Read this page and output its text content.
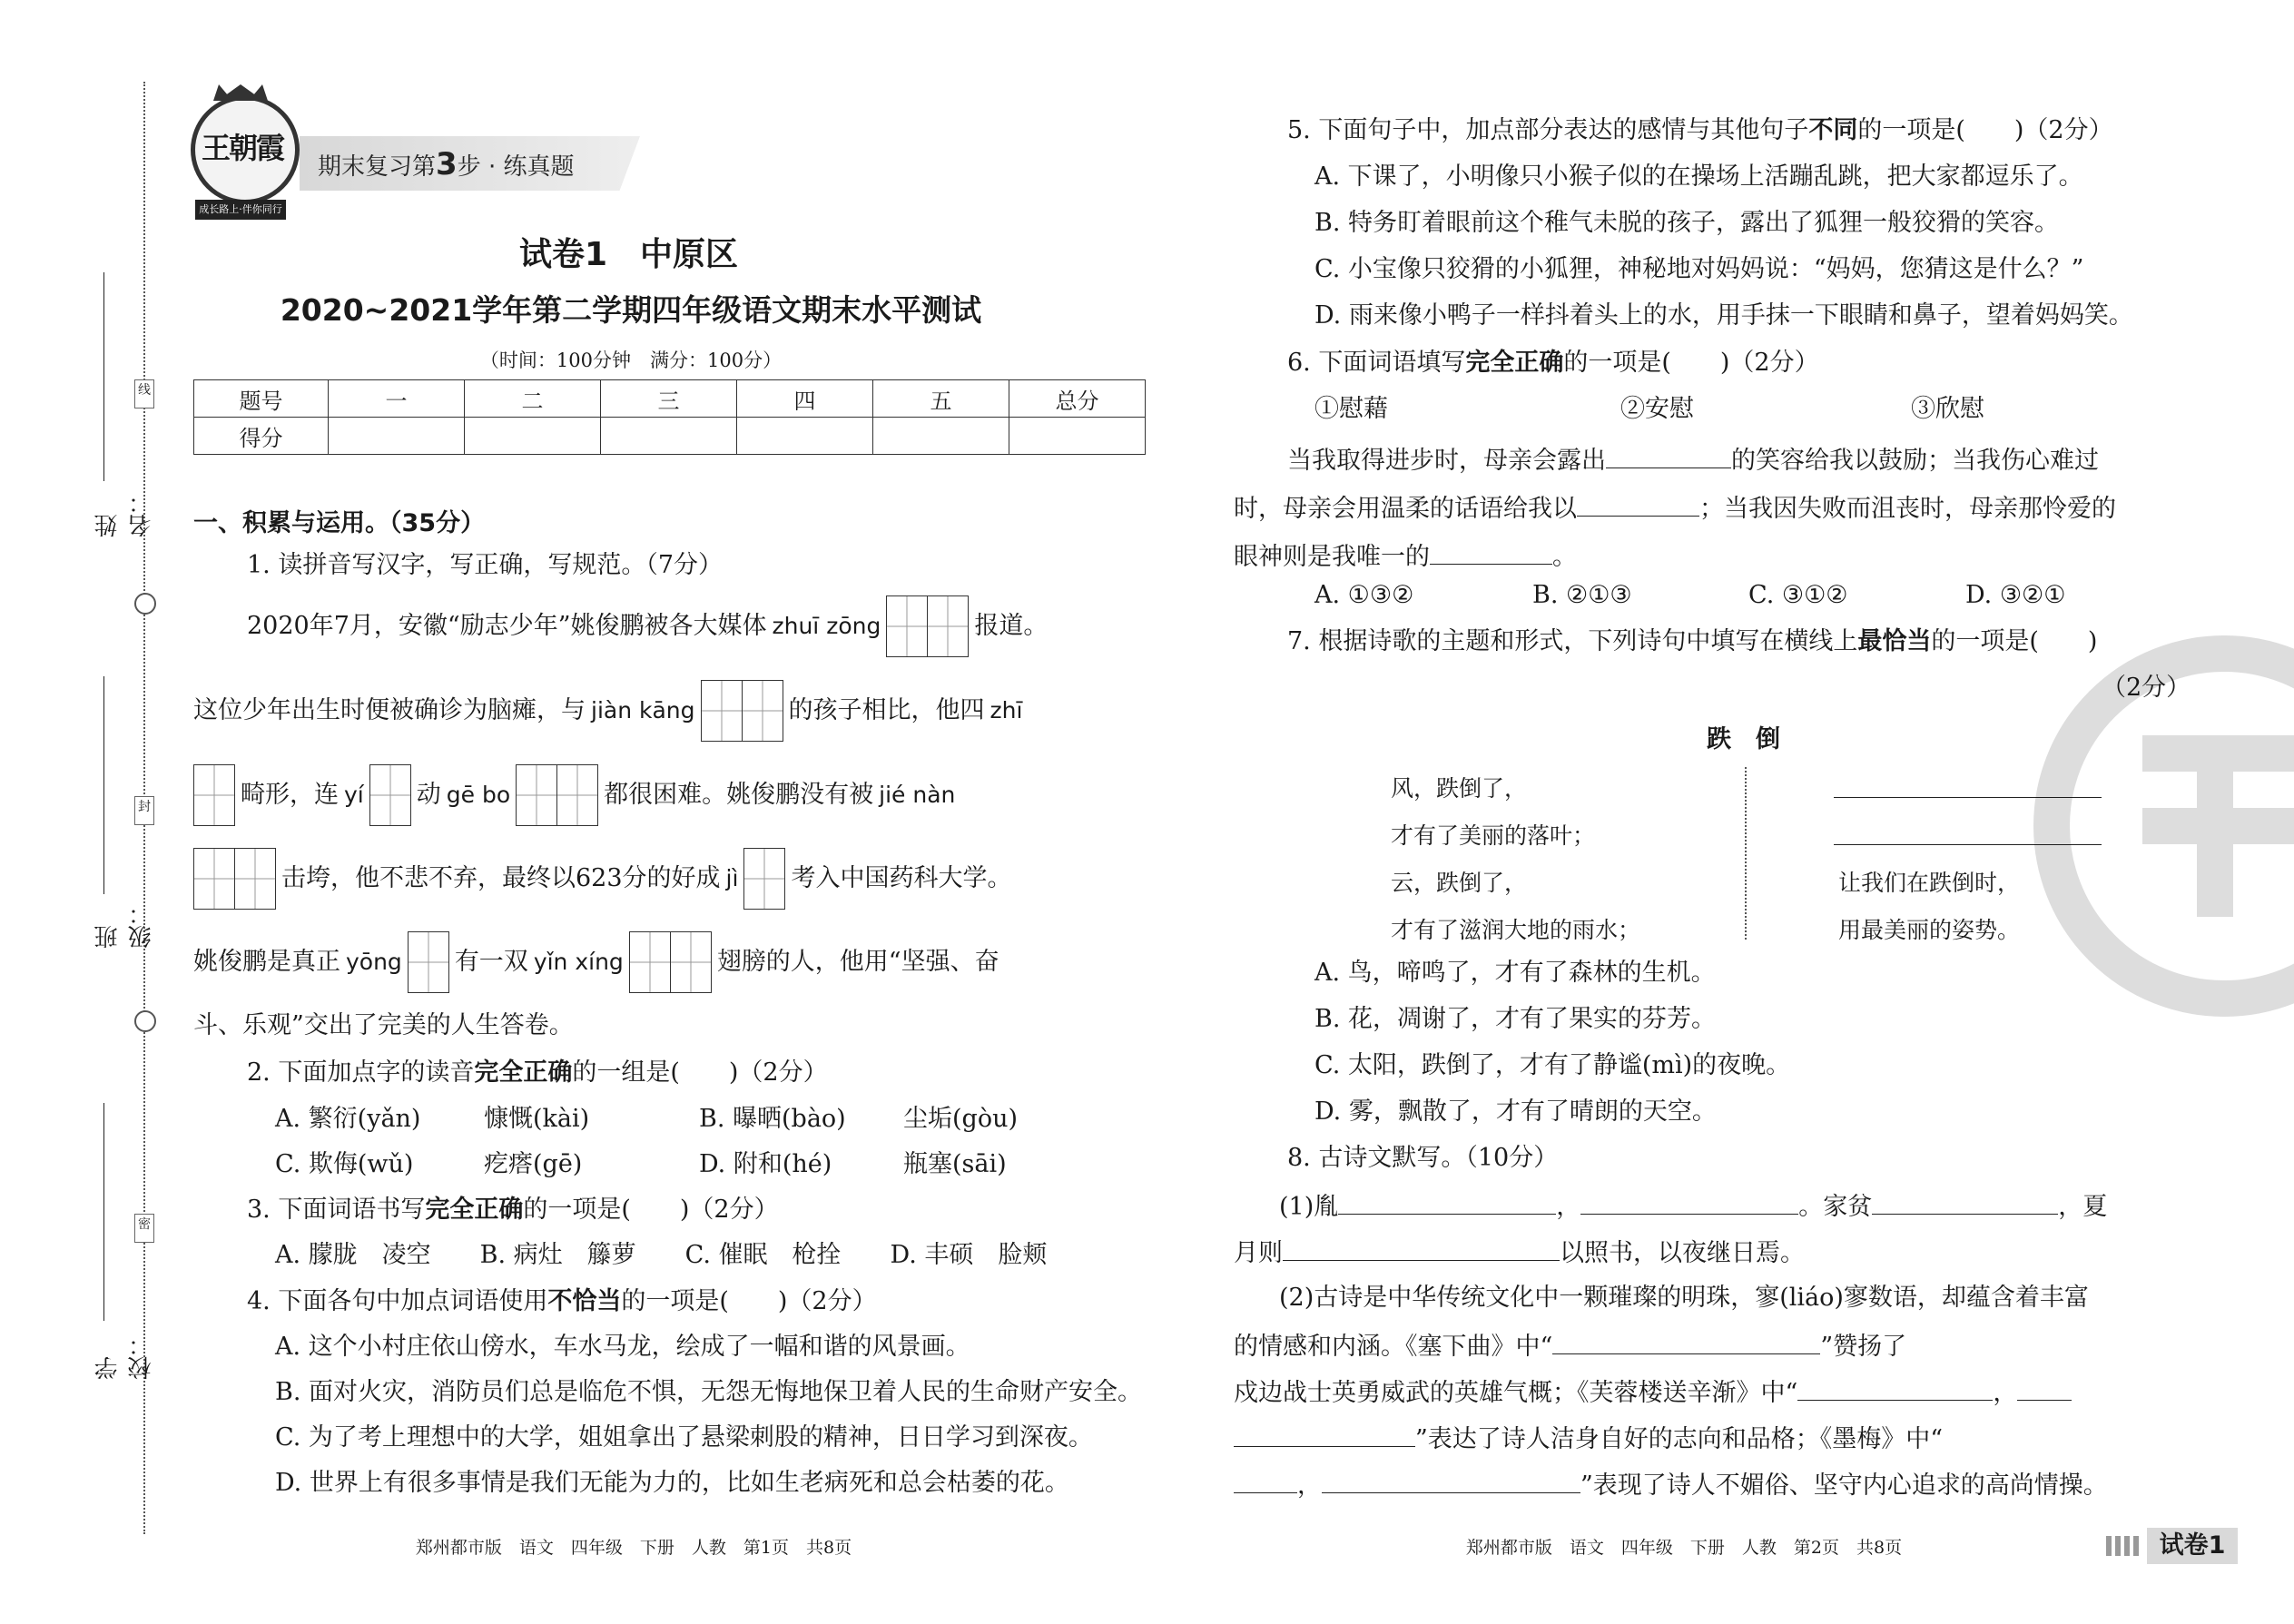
线
封
密
姓名：
班级：
学校：
王朝霞
成长路上·伴你同行
期末复习第3步 · 练真题
试卷1　中原区
2020~2021学年第二学期四年级语文期末水平测试
（时间：100分钟　满分：100分）
题号	一	二	三	四	五	总分
得分						
一、积累与运用。（35分）
1. 读拼音写汉字，写正确，写规范。（7分）
2020年7月，安徽“励志少年”姚俊鹏被各大媒体 zhuī zōng	报道。
这位少年出生时便被确诊为脑瘫，与 jiàn kāng	的孩子相比，他四 zhī
畸形，连 yí 动 gē bo	都很困难。姚俊鹏没有被 jié nàn
击垮，他不悲不弃，最终以623分的好成 jì 考入中国药科大学。
姚俊鹏是真正 yōng 有一双 yǐn xíng	翅膀的人，他用“坚强、奋
斗、乐观”交出了完美的人生答卷。
2. 下面加点字的读音完全正确的一组是(　　)（2分）
A. 繁衍(yǎn)	慷慨(kài)	B. 曝晒(bào) 尘垢(gòu)
C. 欺侮(wǔ)	疙瘩(gē)	D. 附和(hé)	瓶塞(sāi)
3. 下面词语书写完全正确的一项是(　　)（2分）
A. 朦胧　凌空　　B. 病灶　籐萝　　C. 催眠　枪拴　　D. 丰硕　脸颊
4. 下面各句中加点词语使用不恰当的一项是(　　)（2分）
A. 这个小村庄依山傍水，车水马龙，绘成了一幅和谐的风景画。
B. 面对火灾，消防员们总是临危不惧，无怨无悔地保卫着人民的生命财产安全。
C. 为了考上理想中的大学，姐姐拿出了悬梁刺股的精神，日日学习到深夜。
D. 世界上有很多事情是我们无能为力的，比如生老病死和总会枯萎的花。
郑州都市版　语文　四年级　下册　人教　第1页　共8页
5. 下面句子中，加点部分表达的感情与其他句子不同的一项是(　　)（2分）
A. 下课了，小明像只小猴子似的在操场上活蹦乱跳，把大家都逗乐了。
B. 特务盯着眼前这个稚气未脱的孩子，露出了狐狸一般狡猾的笑容。
C. 小宝像只狡猾的小狐狸，神秘地对妈妈说：“妈妈，您猜这是什么？”
D. 雨来像小鸭子一样抖着头上的水，用手抹一下眼睛和鼻子，望着妈妈笑。
6. 下面词语填写完全正确的一项是(　　)（2分）
①慰藉	②安慰	③欣慰
当我取得进步时，母亲会露出	的笑容给我以鼓励；当我伤心难过
时，母亲会用温柔的话语给我以	；当我因失败而沮丧时，母亲那怜爱的
眼神则是我唯一的	。
A. ①③②	B. ②①③	C. ③①②	D. ③②①
7. 根据诗歌的主题和形式，下列诗句中填写在横线上最恰当的一项是(　　)
（2分）
跌　倒
风，跌倒了，
才有了美丽的落叶；
云，跌倒了，
才有了滋润大地的雨水；
让我们在跌倒时，
用最美丽的姿势。
A. 鸟，啼鸣了，才有了森林的生机。
B. 花，凋谢了，才有了果实的芬芳。
C. 太阳，跌倒了，才有了静谧(mì)的夜晚。
D. 雾，飘散了，才有了晴朗的天空。
8. 古诗文默写。（10分）
(1)胤	，	。家贫	，夏
月则	以照书，以夜继日焉。
(2)古诗是中华传统文化中一颗璀璨的明珠，寥(liáo)寥数语，却蕴含着丰富
的情感和内涵。《塞下曲》中“	”赞扬了
戍边战士英勇威武的英雄气概；《芙蓉楼送辛渐》中“	，
”表达了诗人洁身自好的志向和品格；《墨梅》中“
，	”表现了诗人不媚俗、坚守内心追求的高尚情操。
郑州都市版　语文　四年级　下册　人教　第2页　共8页	试卷1
